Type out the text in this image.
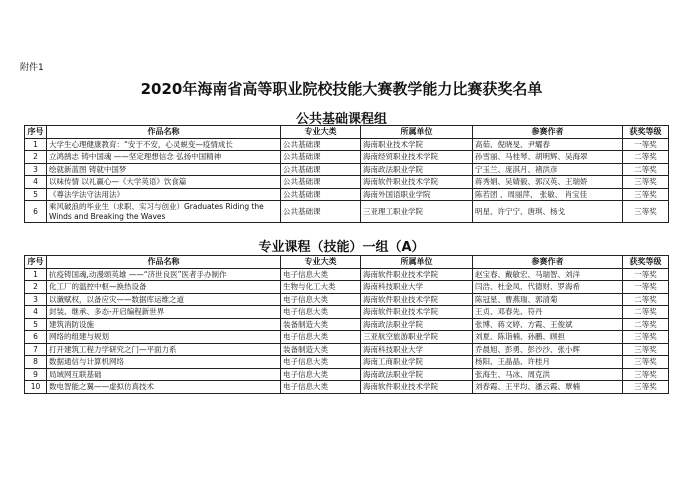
附件1
2020年海南省高等职业院校技能大赛教学能力比赛获奖名单
公共基础课程组
序号	作品名称	专业大类	所属单位	参赛作者	获奖等级
1	大学生心理健康教育：“安于不安，心灵蜕变—疫情成长	公共基础课	海南职业技术学院	高茹、倪晓旻、尹耀春	一等奖
2	立鸿鹄志 铸中国魂 ——坚定理想信念 弘扬中国精神	公共基础课	海南经贸职业技术学院	孙雪丽、马桂琴、胡明辉、吴海翠	二等奖
3	绘就新蓝图 铸就中国梦	公共基础课	海南政法职业学院	宁玉兰、庞淇月、褚洪彦	二等奖
4	以味传情 以礼赢心—《大学英语》饮食篇	公共基础课	海南软件职业技术学院	蒋秀娟、吴婧毅、郭汉英、王瑞娇	三等奖
5	《尊法学法守法用法》	公共基础课	海南外国语职业学院	陈若团 、周丽萍、 张敏、 肖宝佳	三等奖
6	乘风破浪的毕业生（求职、实习与创业）Graduates Riding the Winds and Breaking the Waves	公共基础课	三亚理工职业学院	明星、许宁宁、唐琪、杨戈	三等奖
专业课程（技能）一组（A）
序号	作品名称	专业大类	所属单位	参赛作者	获奖等级
1	抗疫铸国魂,动漫颂英雄 ——“济世良医”医者手办制作	电子信息大类	海南软件职业技术学院	赵宝春、戴敏宏、马瑞智、刘洋	一等奖
2	化工厂的温控中枢—换热设备	生物与化工大类	海南科技职业大学	闫浩、杜金凤、代德财、罗海希	一等奖
3	以谶赋权，以备应灾——数据库运维之道	电子信息大类	海南软件职业技术学院	陈冠星、曹燕瑞、郭清菊	二等奖
4	封装、继承、多态-开启编程新世界	电子信息大类	海南软件职业技术学院	王贞、邓春先、符丹	二等奖
5	建筑消防设施	装备制造大类	海南政法职业学院	张博、蒋文婷、方霞、王俊斌	二等奖
6	网络的组建与规划	电子信息大类	三亚航空旅游职业学院	刘夏、陈诣楠、孙鹏、顾担	三等奖
7	打开建筑工程力学研究之门—平面力系	装备制造大类	海南科技职业大学	乔晨旭、彭勇、彭沙沙、张小辉	三等奖
8	数据通信与计算机网络	电子信息大类	海南工商职业学院	杨阳、王晶晶、许桂月	三等奖
9	局域网互联基础	电子信息大类	海南政法职业学院	张海生、马冰、周克洪	三等奖
10	数电智能之翼——虚拟仿真技术	电子信息大类	海南软件职业技术学院	刘春霞、王平均、潘云霞、覃楠	三等奖
